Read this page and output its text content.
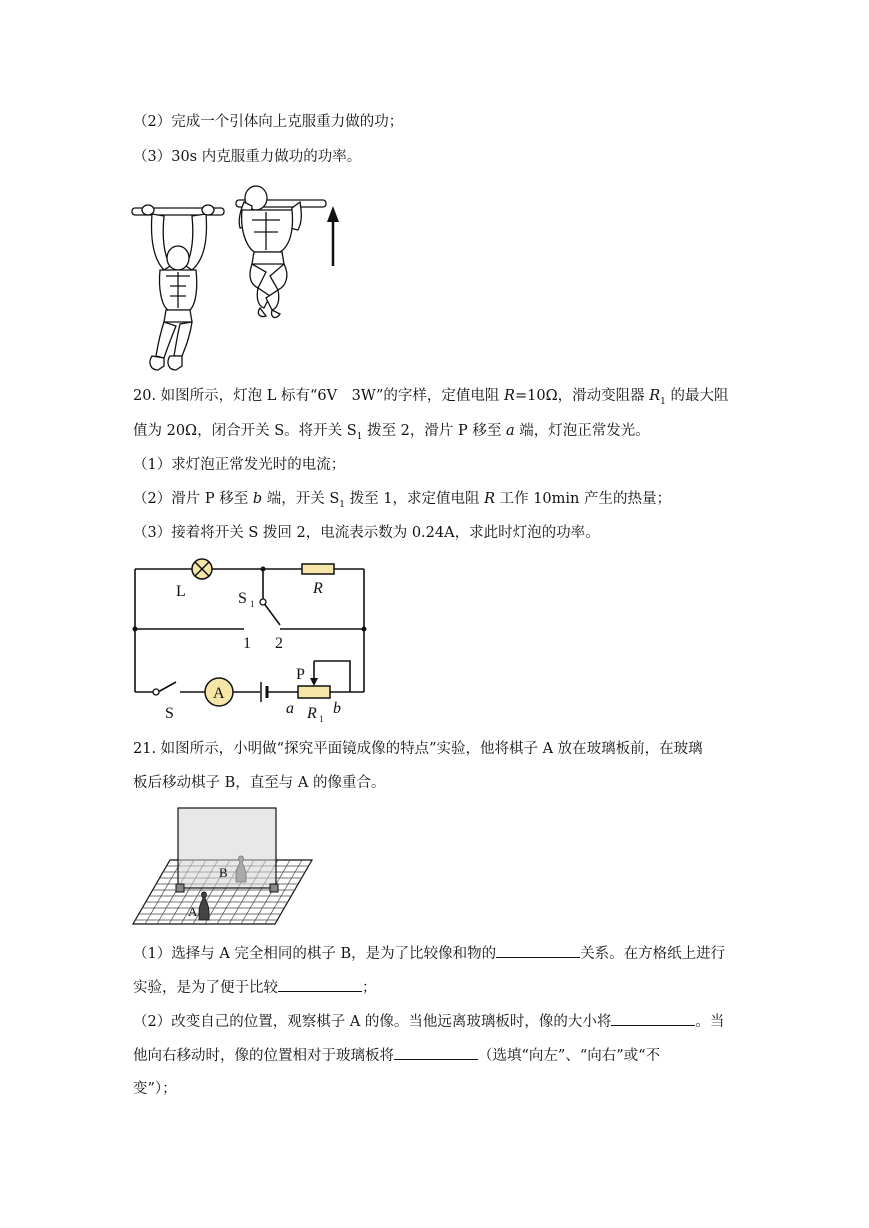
（2）完成一个引体向上克服重力做的功；
（3）30s 内克服重力做功的功率。
20. 如图所示，灯泡 L 标有“6V　3W”的字样，定值电阻 R=10Ω，滑动变阻器 $R_1$ 的最大阻
值为 20Ω，闭合开关 S。将开关 $S_1$ 拨至 2，滑片 P 移至 a 端，灯泡正常发光。
（1）求灯泡正常发光时的电流；
（2）滑片 P 移至 b 端，开关 $S_1$ 拨至 1，求定值电阻 R 工作 10min 产生的热量；
（3）接着将开关 S 拨回 2，电流表示数为 0.24A，求此时灯泡的功率。
L	S 1
R
1 2
A
S
P
a R 1
b
21. 如图所示，小明做“探究平面镜成像的特点”实验，他将棋子 A 放在玻璃板前，在玻璃
板后移动棋子 B，直至与 A 的像重合。
B
A
（1）选择与 A 完全相同的棋子 B，是为了比较像和物的	关系。在方格纸上进行
实验，是为了便于比较	；
（2）改变自己的位置，观察棋子 A 的像。当他远离玻璃板时，像的大小将	。当
他向右移动时，像的位置相对于玻璃板将	（选填“向左”、“向右”或“不
变”）；
